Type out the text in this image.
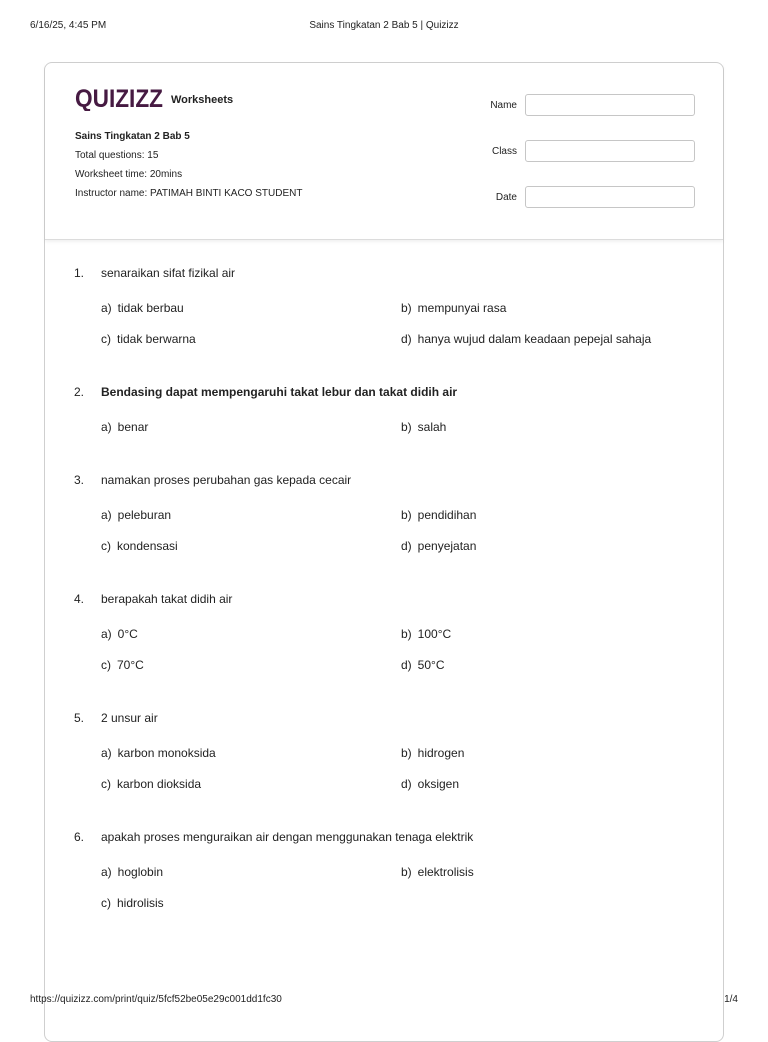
6/16/25, 4:45 PM	Sains Tingkatan 2 Bab 5 | Quizizz
QUIZIZZ Worksheets
Sains Tingkatan 2 Bab 5
Total questions: 15
Worksheet time: 20mins
Instructor name: PATIMAH BINTI KACO STUDENT
Name
Class
Date
1.	senaraikan sifat fizikal air
a) tidak berbau	b) mempunyai rasa
c) tidak berwarna	d) hanya wujud dalam keadaan pepejal sahaja
2.	Bendasing dapat mempengaruhi takat lebur dan takat didih air
a) benar	b) salah
3.	namakan proses perubahan gas kepada cecair
a) peleburan	b) pendidihan
c) kondensasi	d) penyejatan
4.	berapakah takat didih air
a) 0°C	b) 100°C
c) 70°C	d) 50°C
5.	2 unsur air
a) karbon monoksida	b) hidrogen
c) karbon dioksida	d) oksigen
6.	apakah proses menguraikan air dengan menggunakan tenaga elektrik
a) hoglobin	b) elektrolisis
c) hidrolisis
https://quizizz.com/print/quiz/5fcf52be05e29c001dd1fc30	1/4
